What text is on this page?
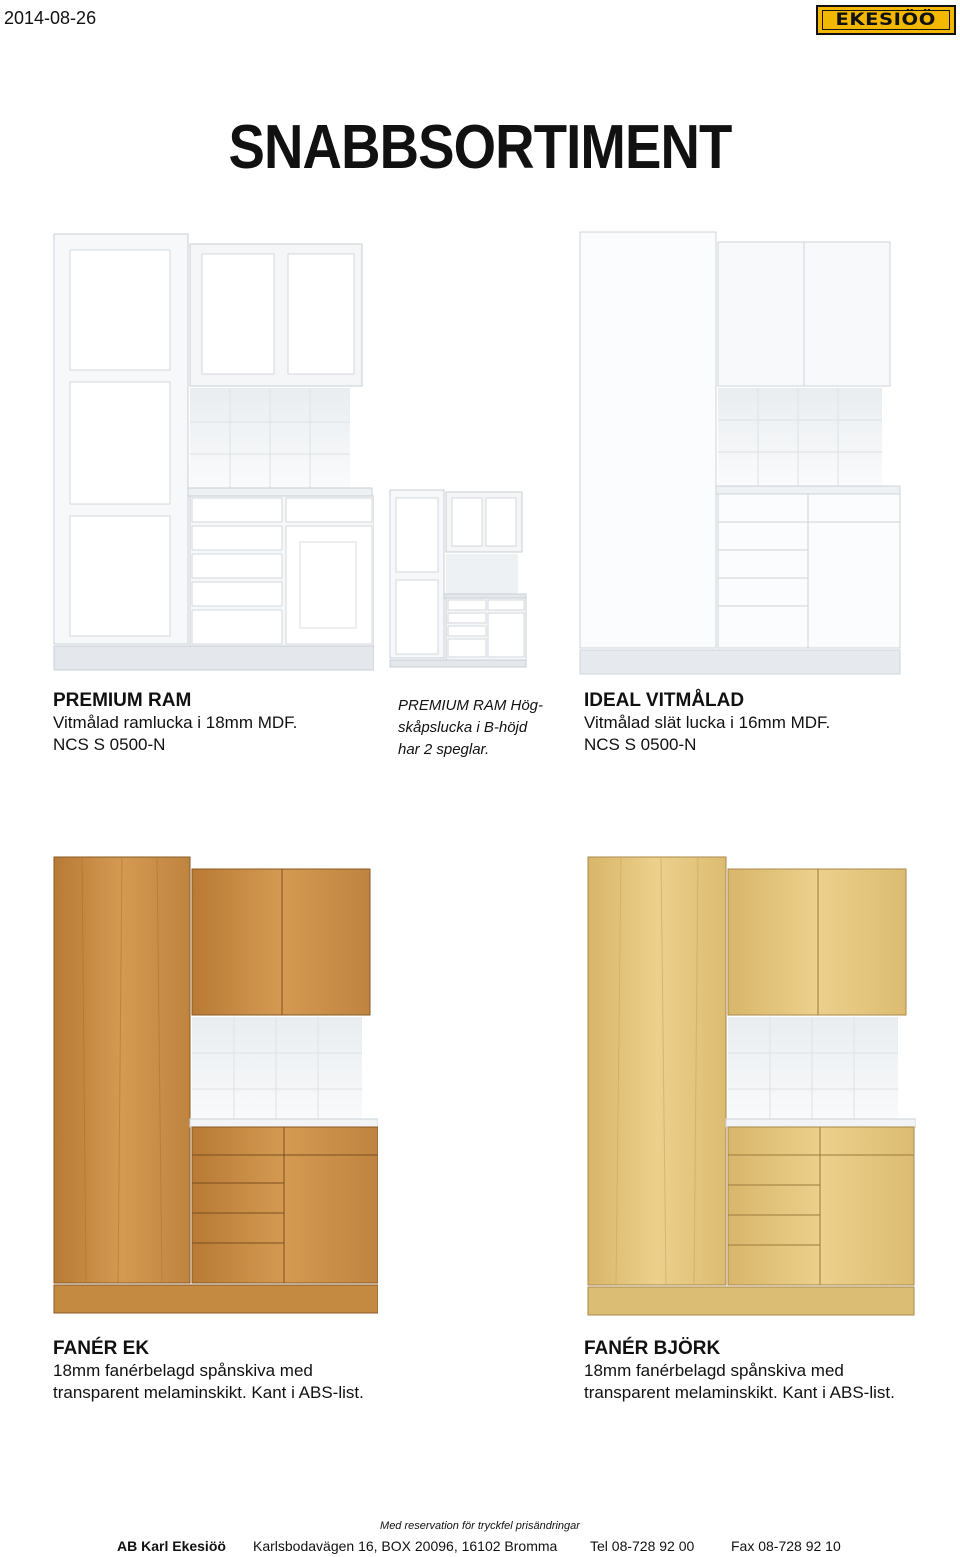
2014-08-26	EKESIÖÖ
SNABBSORTIMENT
PREMIUM RAM
Vitmålad ramlucka i 18mm MDF.
NCS S 0500-N
PREMIUM RAM Hög-
skåpslucka i B-höjd
har 2 speglar.
IDEAL VITMÅLAD
Vitmålad slät lucka i 16mm MDF.
NCS S 0500-N
FANÉR EK
18mm fanérbelagd spånskiva med
transparent melaminskikt. Kant i ABS-list.
FANÉR BJÖRK
18mm fanérbelagd spånskiva med
transparent melaminskikt. Kant i ABS-list.
Med reservation för tryckfel prisändringar
AB Karl Ekesiöö Karlsbodavägen 16, BOX 20096, 16102 Bromma Tel 08-728 92 00	Fax 08-728 92 10
